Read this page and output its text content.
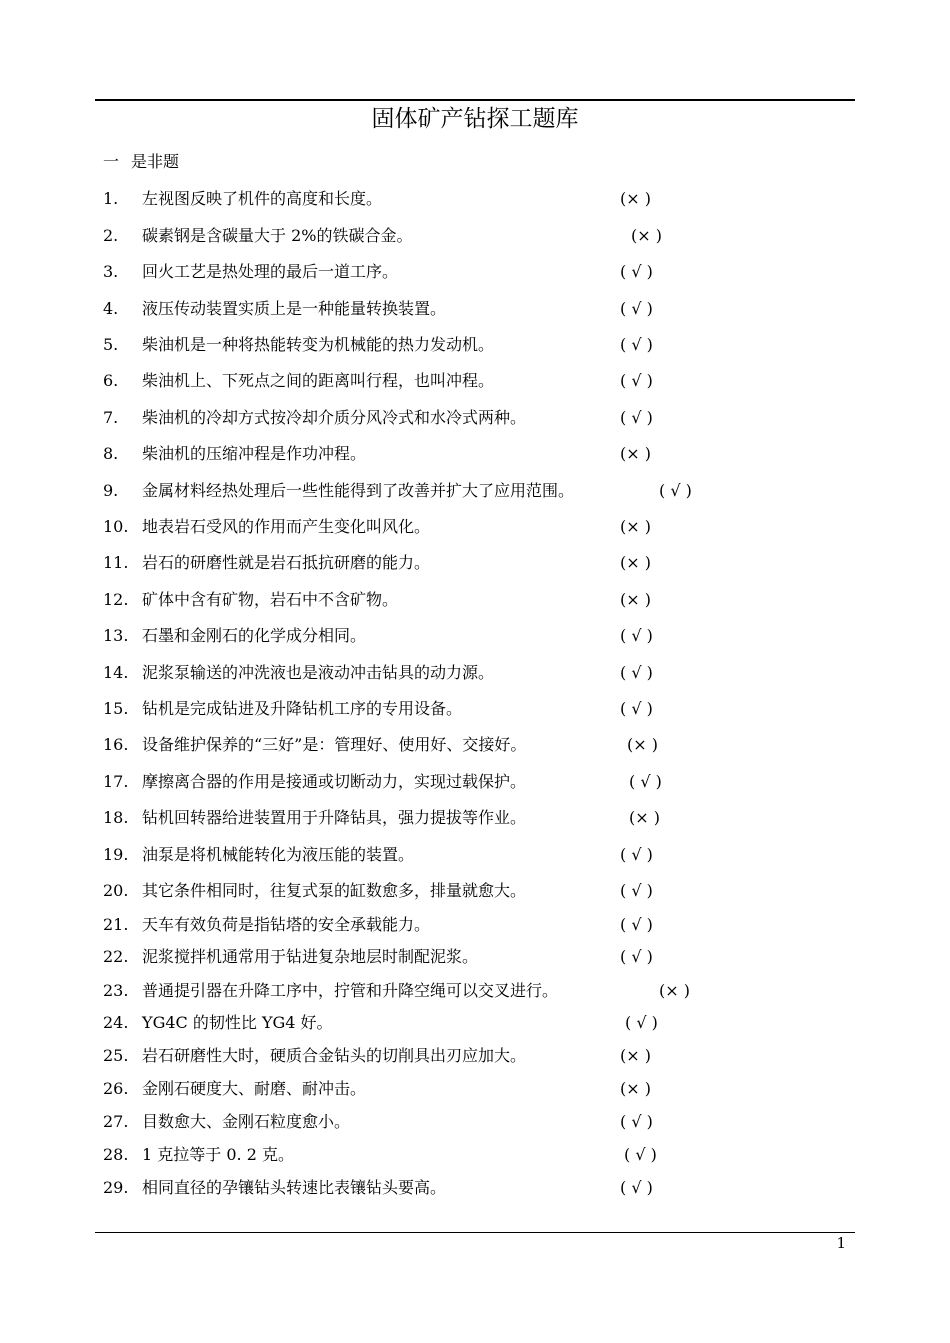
固体矿产钻探工题库
一 是非题
1. 左视图反映了机件的高度和长度。	(× )
2. 碳素钢是含碳量大于 2%的铁碳合金。	(× )
3. 回火工艺是热处理的最后一道工序。	( √ )
4. 液压传动装置实质上是一种能量转换装置。	( √ )
5. 柴油机是一种将热能转变为机械能的热力发动机。	( √ )
6. 柴油机上、下死点之间的距离叫行程，也叫冲程。	( √ )
7. 柴油机的冷却方式按冷却介质分风冷式和水冷式两种。	( √ )
8. 柴油机的压缩冲程是作功冲程。	(× )
9. 金属材料经热处理后一些性能得到了改善并扩大了应用范围。	( √ )
10. 地表岩石受风的作用而产生变化叫风化。	(× )
11. 岩石的研磨性就是岩石抵抗研磨的能力。	(× )
12. 矿体中含有矿物，岩石中不含矿物。	(× )
13. 石墨和金刚石的化学成分相同。	( √ )
14. 泥浆泵输送的冲洗液也是液动冲击钻具的动力源。	( √ )
15. 钻机是完成钻进及升降钻机工序的专用设备。	( √ )
16. 设备维护保养的“三好”是：管理好、使用好、交接好。	(× )
17. 摩擦离合器的作用是接通或切断动力，实现过载保护。	( √ )
18. 钻机回转器给进装置用于升降钻具，强力提拔等作业。	(× )
19. 油泵是将机械能转化为液压能的装置。	( √ )
20. 其它条件相同时，往复式泵的缸数愈多，排量就愈大。	( √ )
21. 天车有效负荷是指钻塔的安全承载能力。	( √ )
22. 泥浆搅拌机通常用于钻进复杂地层时制配泥浆。	( √ )
23. 普通提引器在升降工序中，拧管和升降空绳可以交叉进行。	(× )
24. YG4C 的韧性比 YG4 好。	( √ )
25. 岩石研磨性大时，硬质合金钻头的切削具出刃应加大。	(× )
26. 金刚石硬度大、耐磨、耐冲击。	(× )
27. 目数愈大、金刚石粒度愈小。	( √ )
28. 1 克拉等于 0. 2 克。	( √ )
29. 相同直径的孕镶钻头转速比表镶钻头要高。	( √ )
1
